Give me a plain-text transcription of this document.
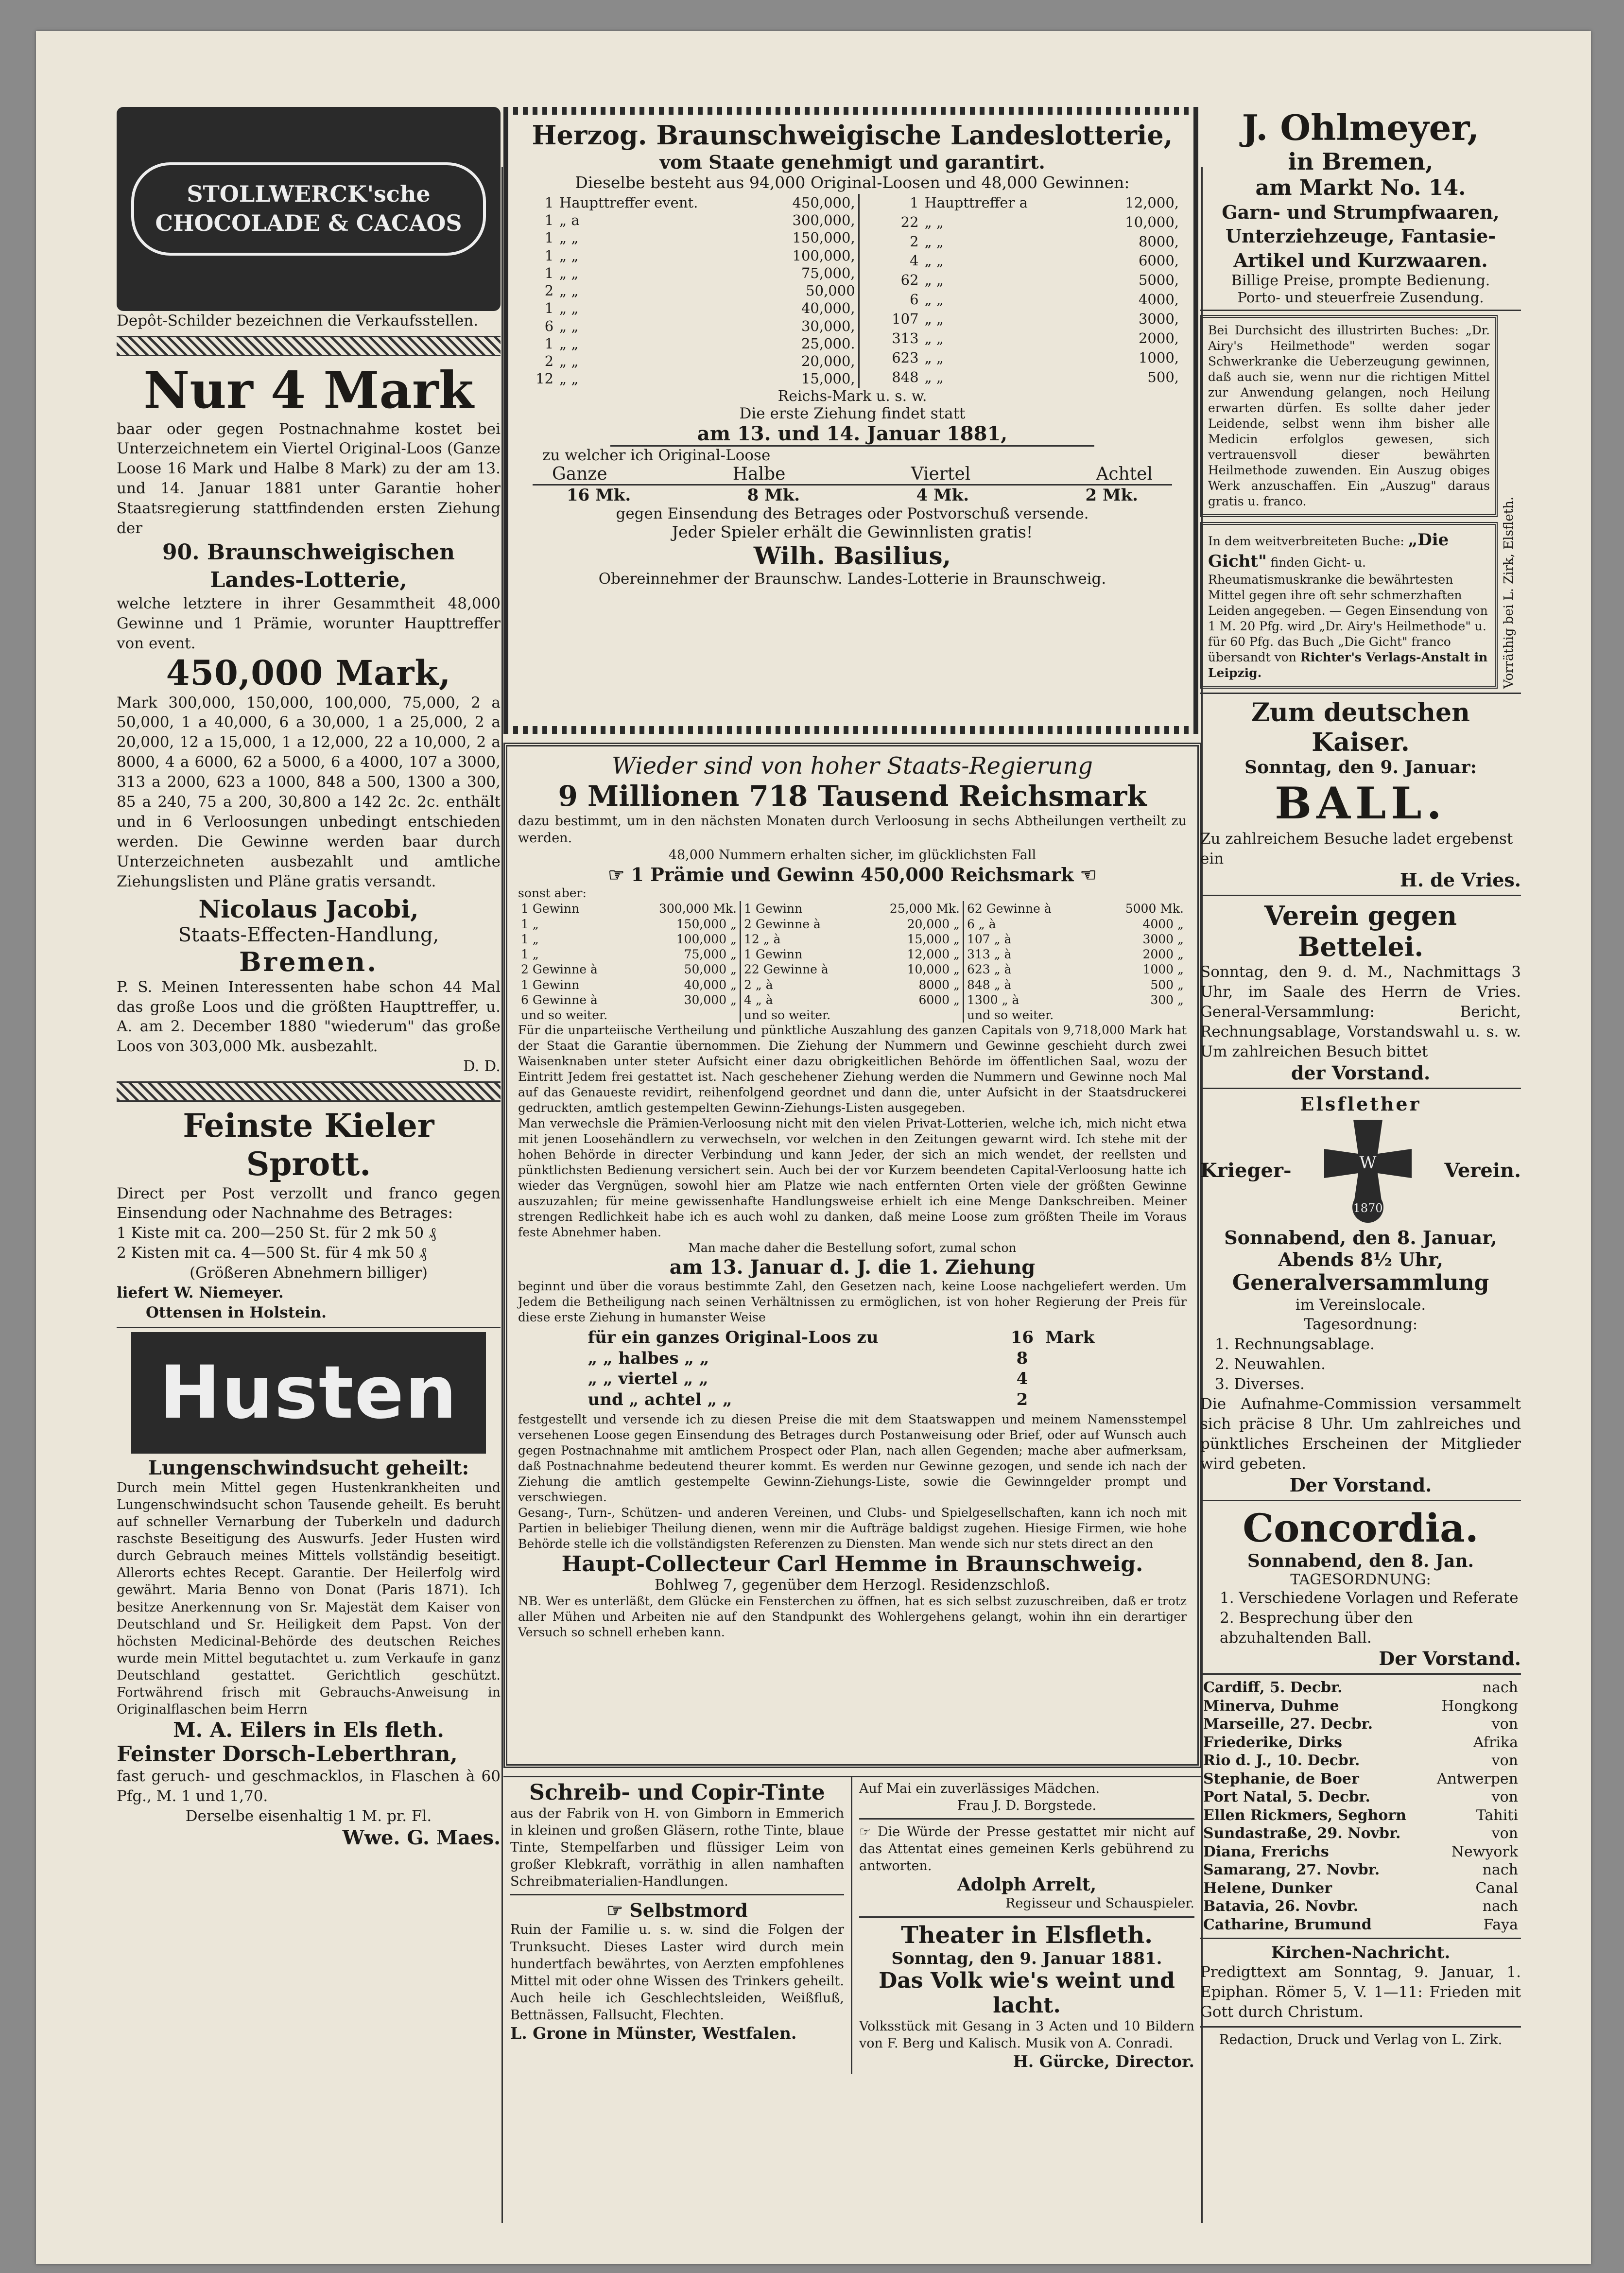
STOLLWERCK'sche CHOCOLADE & CACAOS

Depôt-Schilder bezeichnen die Verkaufsstellen.

Nur 4 Mark

baar oder gegen Postnachnahme kostet bei Unterzeichnetem ein Viertel Original-Loos (Ganze Loose 16 Mark und Halbe 8 Mark) zu der am 13. und 14. Januar 1881 unter Garantie hoher Staatsregierung stattfindenden ersten Ziehung der

90. Braunschweigischen Landes-Lotterie,

welche letztere in ihrer Gesammtheit 48,000 Gewinne und 1 Prämie, worunter Haupttreffer von event.

450,000 Mark,

Mark 300,000, 150,000, 100,000, 75,000, 2 a 50,000, 1 a 40,000, 6 a 30,000, 1 a 25,000, 2 a 20,000, 12 a 15,000, 1 a 12,000, 22 a 10,000, 2 a 8000, 4 a 6000, 62 a 5000, 6 a 4000, 107 a 3000, 313 a 2000, 623 a 1000, 848 a 500, 1300 a 300, 85 a 240, 75 a 200, 30,800 a 142 2c. 2c. enthält und in 6 Verloosungen unbedingt entschieden werden. Die Gewinne werden baar durch Unterzeichneten ausbezahlt und amtliche Ziehungslisten und Pläne gratis versandt.

Nicolaus Jacobi,

Staats-Effecten-Handlung,

Bremen.

P. S. Meinen Interessenten habe schon 44 Mal das große Loos und die größten Haupttreffer, u. A. am 2. December 1880 "wiederum" das große Loos von 303,000 Mk. ausbezahlt.

D. D.

Feinste Kieler Sprott.

Direct per Post verzollt und franco gegen Einsendung oder Nachnahme des Betrages:

1 Kiste mit ca. 200—250 St. für 2 mk 50 ₰

2 Kisten mit ca. 4—500 St. für 4 mk 50 ₰

(Größeren Abnehmern billiger)

liefert W. Niemeyer.

Ottensen in Holstein.

Husten

Lungenschwindsucht geheilt:

Durch mein Mittel gegen Hustenkrankheiten und Lungenschwindsucht schon Tausende geheilt. Es beruht auf schneller Vernarbung der Tuberkeln und dadurch raschste Beseitigung des Auswurfs. Jeder Husten wird durch Gebrauch meines Mittels vollständig beseitigt. Allerorts echtes Recept. Garantie. Der Heilerfolg wird gewährt. Maria Benno von Donat (Paris 1871). Ich besitze Anerkennung von Sr. Majestät dem Kaiser von Deutschland und Sr. Heiligkeit dem Papst. Von der höchsten Medicinal-Behörde des deutschen Reiches wurde mein Mittel begutachtet u. zum Verkaufe in ganz Deutschland gestattet. Gerichtlich geschützt. Fortwährend frisch mit Gebrauchs-Anweisung in Originalflaschen beim Herrn

M. A. Eilers in Els fleth.

Feinster Dorsch-Leberthran,

fast geruch- und geschmacklos, in Flaschen à 60 Pfg., M. 1 und 1,70.

Derselbe eisenhaltig 1 M. pr. Fl.

Wwe. G. Maes.

Herzog. Braunschweigische Landeslotterie,

vom Staate genehmigt und garantirt.

Dieselbe besteht aus 94,000 Original-Loosen und 48,000 Gewinnen:

1	Haupttreffer event.	450,000,
1	„ a	300,000,
1	„ „	150,000,
1	„ „	100,000,
1	„ „	75,000,
2	„ „	50,000
1	„ „	40,000,
6	„ „	30,000,
1	„ „	25,000.
2	„ „	20,000,
12	„ „	15,000,
1	Haupttreffer a	12,000,
22	„ „	10,000,
2	„ „	8000,
4	„ „	6000,
62	„ „	5000,
6	„ „	4000,
107	„ „	3000,
313	„ „	2000,
623	„ „	1000,
848	„ „	500,

Reichs-Mark u. s. w.

Die erste Ziehung findet statt

am 13. und 14. Januar 1881,

zu welcher ich Original-Loose

Ganze	Halbe	Viertel	Achtel
16 Mk.	8 Mk.	4 Mk.	2 Mk.

gegen Einsendung des Betrages oder Postvorschuß versende.

Jeder Spieler erhält die Gewinnlisten gratis!

Wilh. Basilius,

Obereinnehmer der Braunschw. Landes-Lotterie in Braunschweig.

Wieder sind von hoher Staats-Regierung

9 Millionen 718 Tausend Reichsmark

dazu bestimmt, um in den nächsten Monaten durch Verloosung in sechs Abtheilungen vertheilt zu werden.

48,000 Nummern erhalten sicher, im glücklichsten Fall

☞ 1 Prämie und Gewinn 450,000 Reichsmark ☜

sonst aber:

1 Gewinn	300,000 Mk.
1 „	150,000 „
1 „	100,000 „
1 „	75,000 „
2 Gewinne à	50,000 „
1 Gewinn	40,000 „
6 Gewinne à	30,000 „
und so weiter.	
1 Gewinn	25,000 Mk.
2 Gewinne à	20,000 „
12 „ à	15,000 „
1 Gewinn	12,000 „
22 Gewinne à	10,000 „
2 „ à	8000 „
4 „ à	6000 „
und so weiter.	
62 Gewinne à	5000 Mk.
6 „ à	4000 „
107 „ à	3000 „
313 „ à	2000 „
623 „ à	1000 „
848 „ à	500 „
1300 „ à	300 „
und so weiter.	

Für die unparteiische Vertheilung und pünktliche Auszahlung des ganzen Capitals von 9,718,000 Mark hat der Staat die Garantie übernommen. Die Ziehung der Nummern und Gewinne geschieht durch zwei Waisenknaben unter steter Aufsicht einer dazu obrigkeitlichen Behörde im öffentlichen Saal, wozu der Eintritt Jedem frei gestattet ist. Nach geschehener Ziehung werden die Nummern und Gewinne noch Mal auf das Genaueste revidirt, reihenfolgend geordnet und dann die, unter Aufsicht in der Staatsdruckerei gedruckten, amtlich gestempelten Gewinn-Ziehungs-Listen ausgegeben.

Man verwechsle die Prämien-Verloosung nicht mit den vielen Privat-Lotterien, welche ich, mich nicht etwa mit jenen Loosehändlern zu verwechseln, vor welchen in den Zeitungen gewarnt wird. Ich stehe mit der hohen Behörde in directer Verbindung und kann Jeder, der sich an mich wendet, der reellsten und pünktlichsten Bedienung versichert sein. Auch bei der vor Kurzem beendeten Capital-Verloosung hatte ich wieder das Vergnügen, sowohl hier am Platze wie nach entfernten Orten viele der größten Gewinne auszuzahlen; für meine gewissenhafte Handlungsweise erhielt ich eine Menge Dankschreiben. Meiner strengen Redlichkeit habe ich es auch wohl zu danken, daß meine Loose zum größten Theile im Voraus feste Abnehmer haben.

Man mache daher die Bestellung sofort, zumal schon

am 13. Januar d. J. die 1. Ziehung

beginnt und über die voraus bestimmte Zahl, den Gesetzen nach, keine Loose nachgeliefert werden. Um Jedem die Betheiligung nach seinen Verhältnissen zu ermöglichen, ist von hoher Regierung der Preis für diese erste Ziehung in humanster Weise

für ein ganzes Original-Loos zu	16	Mark
„ „ halbes „ „	8	
„ „ viertel „ „	4	
und „ achtel „ „	2	

festgestellt und versende ich zu diesen Preise die mit dem Staatswappen und meinem Namensstempel versehenen Loose gegen Einsendung des Betrages durch Postanweisung oder Brief, oder auf Wunsch auch gegen Postnachnahme mit amtlichem Prospect oder Plan, nach allen Gegenden; mache aber aufmerksam, daß Postnachnahme bedeutend theurer kommt. Es werden nur Gewinne gezogen, und sende ich nach der Ziehung die amtlich gestempelte Gewinn-Ziehungs-Liste, sowie die Gewinngelder prompt und verschwiegen.

Gesang-, Turn-, Schützen- und anderen Vereinen, und Clubs- und Spielgesellschaften, kann ich noch mit Partien in beliebiger Theilung dienen, wenn mir die Aufträge baldigst zugehen. Hiesige Firmen, wie hohe Behörde stelle ich die vollständigsten Referenzen zu Diensten. Man wende sich nur stets direct an den

Haupt-Collecteur Carl Hemme in Braunschweig.

Bohlweg 7, gegenüber dem Herzogl. Residenzschloß.

NB. Wer es unterläßt, dem Glücke ein Fensterchen zu öffnen, hat es sich selbst zuzuschreiben, daß er trotz aller Mühen und Arbeiten nie auf den Standpunkt des Wohlergehens gelangt, wohin ihn ein derartiger Versuch so schnell erheben kann.

Schreib- und Copir-Tinte

aus der Fabrik von H. von Gimborn in Emmerich in kleinen und großen Gläsern, rothe Tinte, blaue Tinte, Stempelfarben und flüssiger Leim von großer Klebkraft, vorräthig in allen namhaften Schreibmaterialien-Handlungen.

☞ Selbstmord

Ruin der Familie u. s. w. sind die Folgen der Trunksucht. Dieses Laster wird durch mein hundertfach bewährtes, von Aerzten empfohlenes Mittel mit oder ohne Wissen des Trinkers geheilt. Auch heile ich Geschlechtsleiden, Weißfluß, Bettnässen, Fallsucht, Flechten.

L. Grone in Münster, Westfalen.

Auf Mai ein zuverlässiges Mädchen.

Frau J. D. Borgstede.

☞ Die Würde der Presse gestattet mir nicht auf das Attentat eines gemeinen Kerls gebührend zu antworten.

Adolph Arrelt,

Regisseur und Schauspieler.

Theater in Elsfleth.

Sonntag, den 9. Januar 1881.

Das Volk wie's weint und lacht.

Volksstück mit Gesang in 3 Acten und 10 Bildern von F. Berg und Kalisch. Musik von A. Conradi.

H. Gürcke, Director.

J. Ohlmeyer,

in Bremen,

am Markt No. 14.

Garn- und Strumpfwaaren, Unterziehzeuge, Fantasie-Artikel und Kurzwaaren.

Billige Preise, prompte Bedienung.

Porto- und steuerfreie Zusendung.

Bei Durchsicht des illustrirten Buches: „Dr. Airy's Heilmethode" werden sogar Schwerkranke die Ueberzeugung gewinnen, daß auch sie, wenn nur die richtigen Mittel zur Anwendung gelangen, noch Heilung erwarten dürfen. Es sollte daher jeder Leidende, selbst wenn ihm bisher alle Medicin erfolglos gewesen, sich vertrauensvoll dieser bewährten Heilmethode zuwenden. Ein Auszug obiges Werk anzuschaffen. Ein „Auszug" daraus gratis u. franco.
In dem weitverbreiteten Buche: „Die Gicht" finden Gicht- u. Rheumatismuskranke die bewährtesten Mittel gegen ihre oft sehr schmerzhaften Leiden angegeben. — Gegen Einsendung von 1 M. 20 Pfg. wird „Dr. Airy's Heilmethode" u. für 60 Pfg. das Buch „Die Gicht" franco übersandt von Richter's Verlags-Anstalt in Leipzig.	Vorräthig bei L. Zirk, Elsfleth.

Zum deutschen Kaiser.

Sonntag, den 9. Januar:

BALL.

Zu zahlreichem Besuche ladet ergebenst ein

H. de Vries.

Verein gegen Bettelei.

Sonntag, den 9. d. M., Nachmittags 3 Uhr, im Saale des Herrn de Vries. General-Versammlung: Bericht, Rechnungsablage, Vorstandswahl u. s. w. Um zahlreichen Besuch bittet

der Vorstand.

Elsflether

Krieger-	W
1870
Verein.

Sonnabend, den 8. Januar, Abends 8½ Uhr,

Generalversammlung

im Vereinslocale.

Tagesordnung:

1. Rechnungsablage.

2. Neuwahlen.

3. Diverses.

Die Aufnahme-Commission versammelt sich präcise 8 Uhr. Um zahlreiches und pünktliches Erscheinen der Mitglieder wird gebeten.

Der Vorstand.

Concordia.

Sonnabend, den 8. Jan.

TAGESORDNUNG:

1. Verschiedene Vorlagen und Referate

2. Besprechung über den abzuhaltenden Ball.

Der Vorstand.

Cardiff, 5. Decbr.	nach
Minerva, Duhme	Hongkong
Marseille, 27. Decbr.	von
Friederike, Dirks	Afrika
Rio d. J., 10. Decbr.	von
Stephanie, de Boer	Antwerpen
Port Natal, 5. Decbr.	von
Ellen Rickmers, Seghorn	Tahiti
Sundastraße, 29. Novbr.	von
Diana, Frerichs	Newyork
Samarang, 27. Novbr.	nach
Helene, Dunker	Canal
Batavia, 26. Novbr.	nach
Catharine, Brumund	Faya

Kirchen-Nachricht.

Predigttext am Sonntag, 9. Januar, 1. Epiphan. Römer 5, V. 1—11: Frieden mit Gott durch Christum.

Redaction, Druck und Verlag von L. Zirk.
